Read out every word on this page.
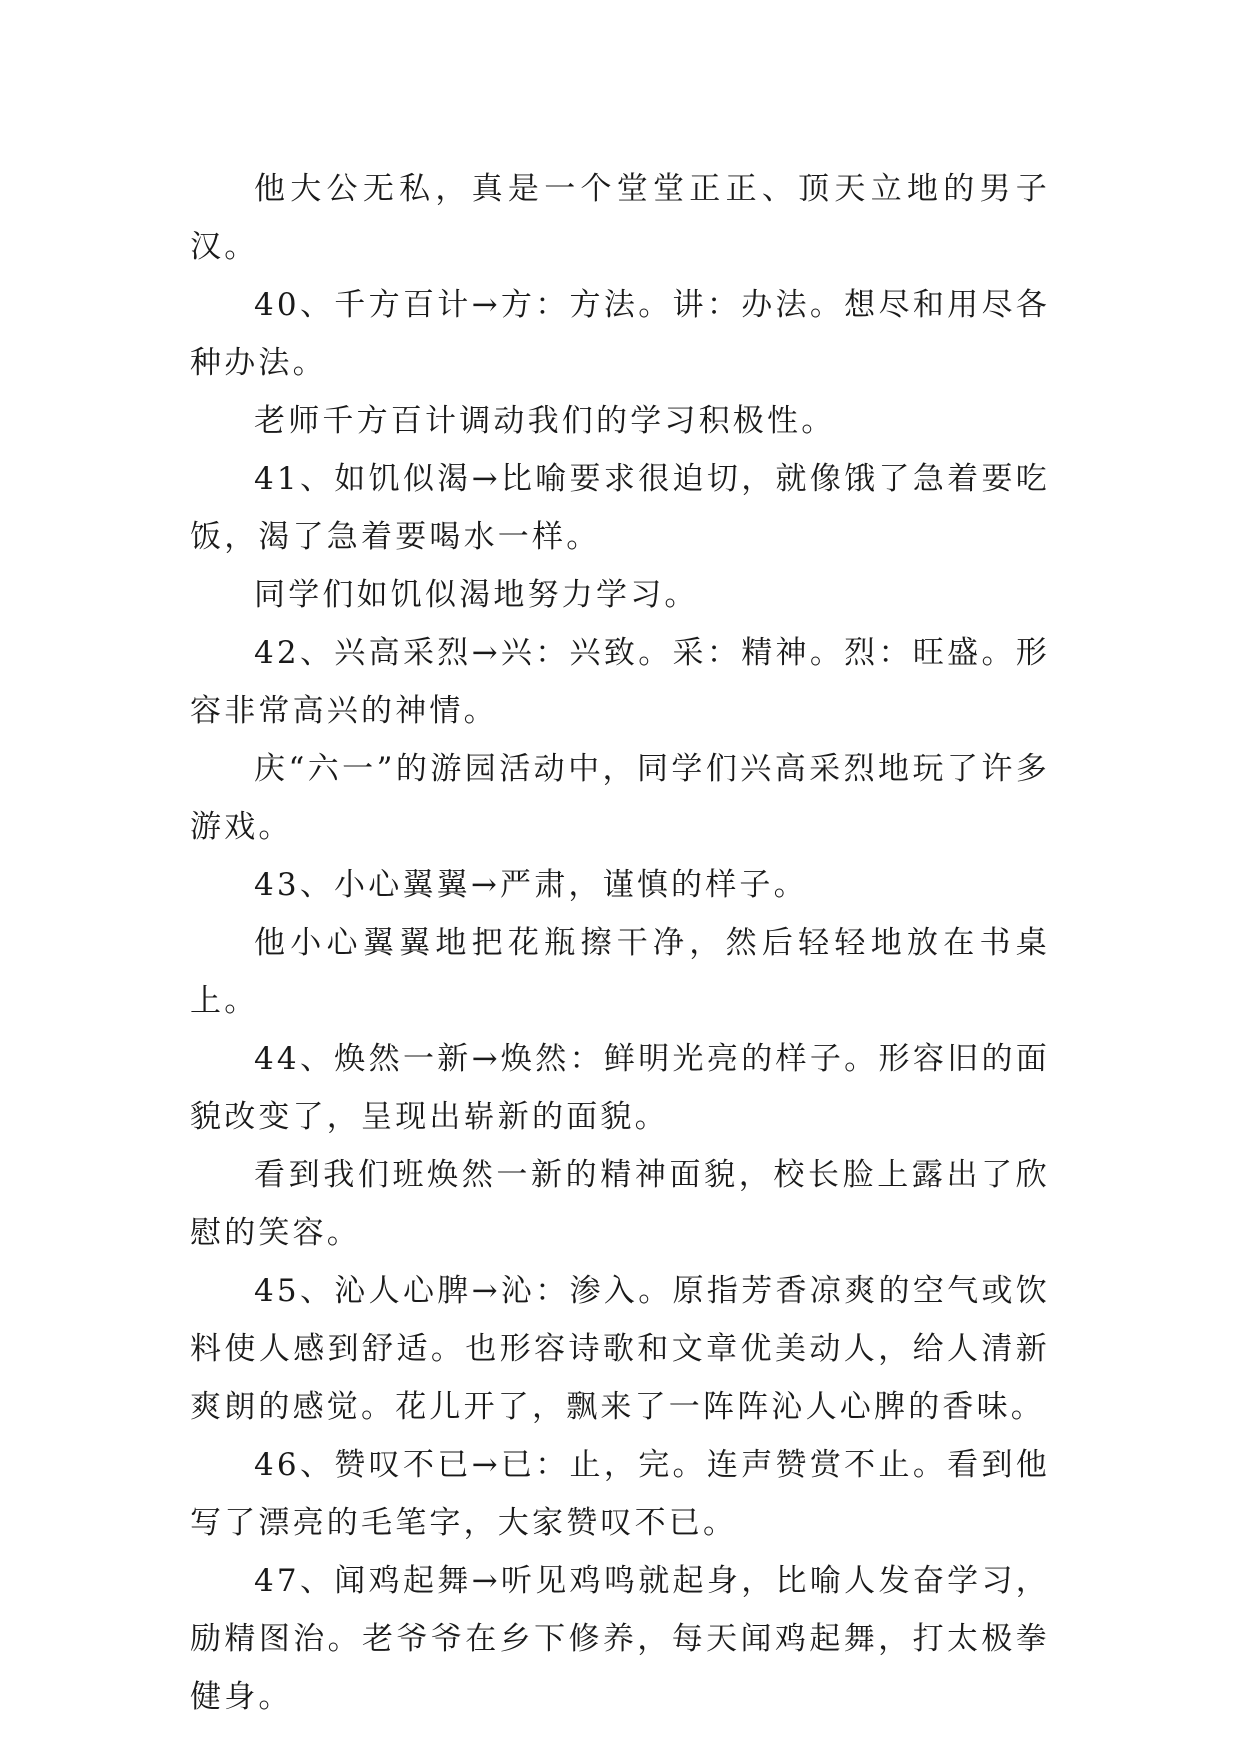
他大公无私，真是一个堂堂正正、顶天立地的男子汉。

40、千方百计→方：方法。讲：办法。想尽和用尽各种办法。

老师千方百计调动我们的学习积极性。

41、如饥似渴→比喻要求很迫切，就像饿了急着要吃饭，渴了急着要喝水一样。

同学们如饥似渴地努力学习。

42、兴高采烈→兴：兴致。采：精神。烈：旺盛。形容非常高兴的神情。

庆“六一”的游园活动中，同学们兴高采烈地玩了许多游戏。

43、小心翼翼→严肃，谨慎的样子。

他小心翼翼地把花瓶擦干净，然后轻轻地放在书桌上。

44、焕然一新→焕然：鲜明光亮的样子。形容旧的面貌改变了，呈现出崭新的面貌。

看到我们班焕然一新的精神面貌，校长脸上露出了欣慰的笑容。

45、沁人心脾→沁：渗入。原指芳香凉爽的空气或饮料使人感到舒适。也形容诗歌和文章优美动人，给人清新爽朗的感觉。花儿开了，飘来了一阵阵沁人心脾的香味。

46、赞叹不已→已：止，完。连声赞赏不止。看到他写了漂亮的毛笔字，大家赞叹不已。

47、闻鸡起舞→听见鸡鸣就起身，比喻人发奋学习，励精图治。老爷爷在乡下修养，每天闻鸡起舞，打太极拳健身。
